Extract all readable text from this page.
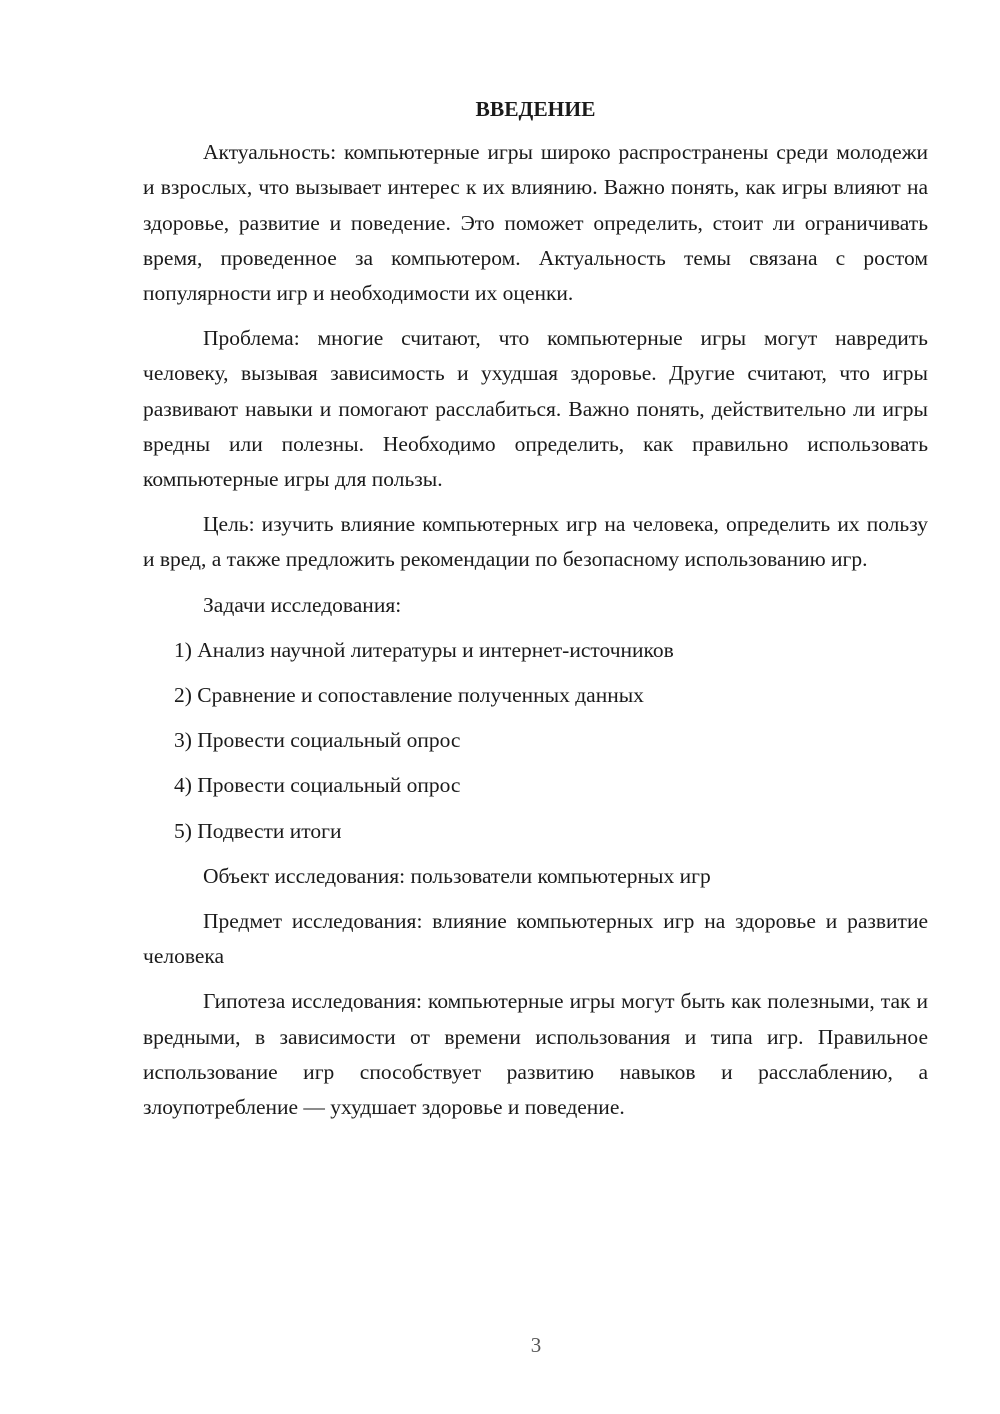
ВВЕДЕНИЕ

Актуальность: компьютерные игры широко распространены среди молодежи и взрослых, что вызывает интерес к их влиянию. Важно понять, как игры влияют на здоровье, развитие и поведение. Это поможет определить, стоит ли ограничивать время, проведенное за компьютером. Актуальность темы связана с ростом популярности игр и необходимости их оценки.

Проблема: многие считают, что компьютерные игры могут навредить человеку, вызывая зависимость и ухудшая здоровье. Другие считают, что игры развивают навыки и помогают расслабиться. Важно понять, действительно ли игры вредны или полезны. Необходимо определить, как правильно использовать компьютерные игры для пользы.

Цель: изучить влияние компьютерных игр на человека, определить их пользу и вред, а также предложить рекомендации по безопасному использованию игр.

Задачи исследования:

1) Анализ научной литературы и интернет-источников

2) Сравнение и сопоставление полученных данных

3) Провести социальный опрос

4) Провести социальный опрос

5) Подвести итоги

Объект исследования: пользователи компьютерных игр

Предмет исследования: влияние компьютерных игр на здоровье и развитие человека

Гипотеза исследования: компьютерные игры могут быть как полезными, так и вредными, в зависимости от времени использования и типа игр. Правильное использование игр способствует развитию навыков и расслаблению, а злоупотребление — ухудшает здоровье и поведение.

3
